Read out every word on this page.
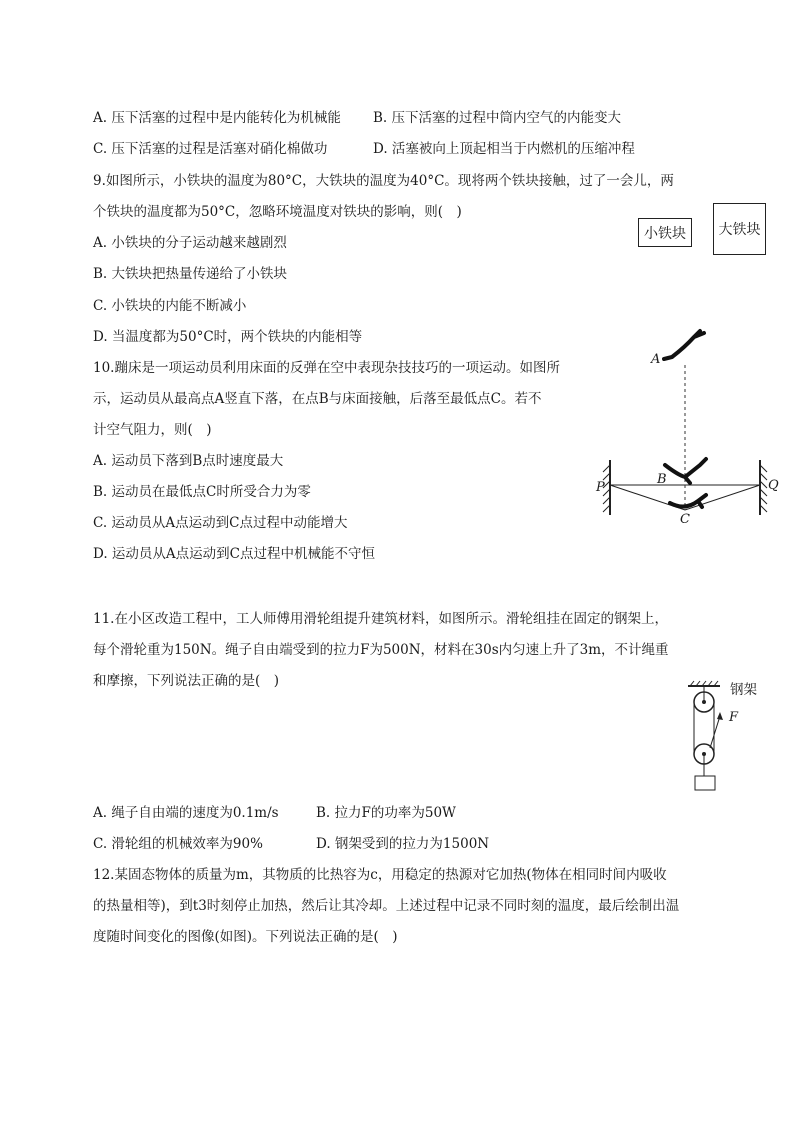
A. 压下活塞的过程中是内能转化为机械能 B. 压下活塞的过程中筒内空气的内能变大
C. 压下活塞的过程是活塞对硝化棉做功	D. 活塞被向上顶起相当于内燃机的压缩冲程
9.如图所示，小铁块的温度为80°C，大铁块的温度为40°C。现将两个铁块接触，过了一会儿，两
个铁块的温度都为50°C，忽略环境温度对铁块的影响，则(　)
A. 小铁块的分子运动越来越剧烈
B. 大铁块把热量传递给了小铁块
C. 小铁块的内能不断减小
D. 当温度都为50°C时，两个铁块的内能相等
小铁块 大铁块
10.蹦床是一项运动员利用床面的反弹在空中表现杂技技巧的一项运动。如图所
示，运动员从最高点A竖直下落，在点B与床面接触，后落至最低点C。若不
计空气阻力，则(　)
A. 运动员下落到B点时速度最大
B. 运动员在最低点C时所受合力为零
C. 运动员从A点运动到C点过程中动能增大
D. 运动员从A点运动到C点过程中机械能不守恒
A
B
C
P	Q
11.在小区改造工程中，工人师傅用滑轮组提升建筑材料，如图所示。滑轮组挂在固定的钢架上，
每个滑轮重为150N。绳子自由端受到的拉力F为500N，材料在30s内匀速上升了3m，不计绳重
和摩擦，下列说法正确的是(　)
钢架
F
A. 绳子自由端的速度为0.1m/s	B. 拉力F的功率为50W
C. 滑轮组的机械效率为90%	D. 钢架受到的拉力为1500N
12.某固态物体的质量为m，其物质的比热容为c，用稳定的热源对它加热(物体在相同时间内吸收
的热量相等)，到t3时刻停止加热，然后让其冷却。上述过程中记录不同时刻的温度，最后绘制出温
度随时间变化的图像(如图)。下列说法正确的是(　)
